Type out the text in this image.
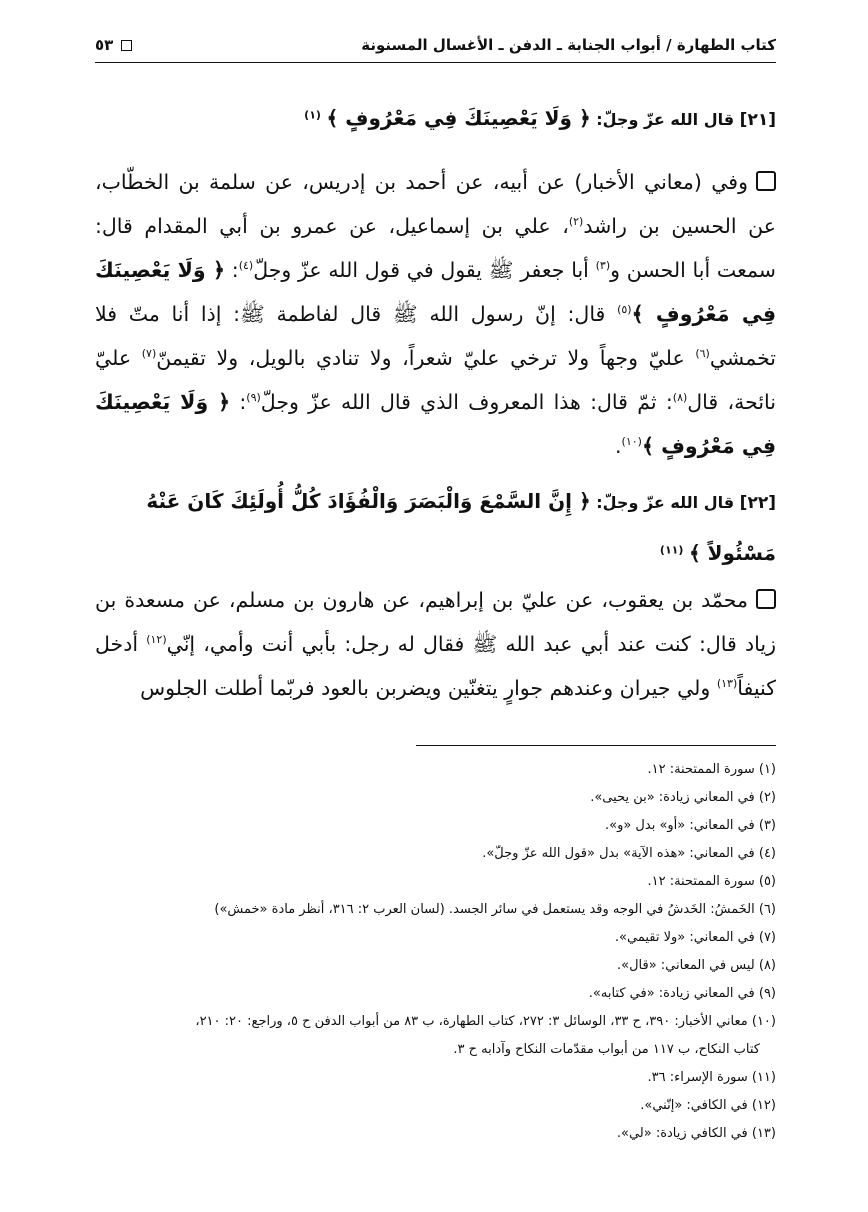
كتاب الطهارة / أبواب الجنابة ـ الدفن ـ الأغسال المسنونة
٥٣
[٢١] قال الله عزّ وجلّ: ﴿ وَلَا يَعْصِينَكَ فِي مَعْرُوفٍ ﴾ $^{(١)}$
وفي (معاني الأخبار) عن أبيه، عن أحمد بن إدريس، عن سلمة بن الخطّاب، عن الحسين بن راشد$^{(٢)}$، علي بن إسماعيل، عن عمرو بن أبي المقدام قال: سمعت أبا الحسن و$^{(٣)}$ أبا جعفر ﷺ يقول في قول الله عزّ وجلّ$^{(٤)}$: ﴿ وَلَا يَعْصِينَكَ فِي مَعْرُوفٍ ﴾$^{(٥)}$ قال: إنّ رسول الله ﷺ قال لفاطمة ﷺ: إذا أنا متّ فلا تخمشي$^{(٦)}$ عليّ وجهاً ولا ترخي عليّ شعراً، ولا تنادي بالويل، ولا تقيمنّ$^{(٧)}$ عليّ نائحة، قال$^{(٨)}$: ثمّ قال: هذا المعروف الذي قال الله عزّ وجلّ$^{(٩)}$: ﴿ وَلَا يَعْصِينَكَ فِي مَعْرُوفٍ ﴾$^{(١٠)}$.
[٢٢] قال الله عزّ وجلّ: ﴿ إِنَّ السَّمْعَ وَالْبَصَرَ وَالْفُؤَادَ كُلُّ أُولَئِكَ كَانَ عَنْهُ مَسْئُولاً ﴾ $^{(١١)}$
محمّد بن يعقوب، عن عليّ بن إبراهيم، عن هارون بن مسلم، عن مسعدة بن زياد قال: كنت عند أبي عبد الله ﷺ فقال له رجل: بأبي أنت وأمي، إنّي$^{(١٢)}$ أدخل كنيفاً$^{(١٣)}$ ولي جيران وعندهم جوارٍ يتغنّين ويضربن بالعود فربّما أطلت الجلوس
(١) سورة الممتحنة: ١٢.
(٢) في المعاني زيادة: «بن يحيى».
(٣) في المعاني: «أو» بدل «و».
(٤) في المعاني: «هذه الآية» بدل «قول الله عزّ وجلّ».
(٥) سورة الممتحنة: ١٢.
(٦) الخَمشُ: الخَدشُ في الوجه وقد يستعمل في سائر الجسد. (لسان العرب ٢: ٣١٦، أنظر مادة «خمش»)
(٧) في المعاني: «ولا تقيمي».
(٨) ليس في المعاني: «قال».
(٩) في المعاني زيادة: «في كتابه».
(١٠) معاني الأخبار: ٣٩٠، ح ٣٣، الوسائل ٣: ٢٧٢، كتاب الطهارة، ب ٨٣ من أبواب الدفن ح ٥، وراجع: ٢٠: ٢١٠،
كتاب النكاح، ب ١١٧ من أبواب مقدّمات النكاح وآدابه ح ٣.
(١١) سورة الإسراء: ٣٦.
(١٢) في الكافي: «إنّني».
(١٣) في الكافي زيادة: «لي».
